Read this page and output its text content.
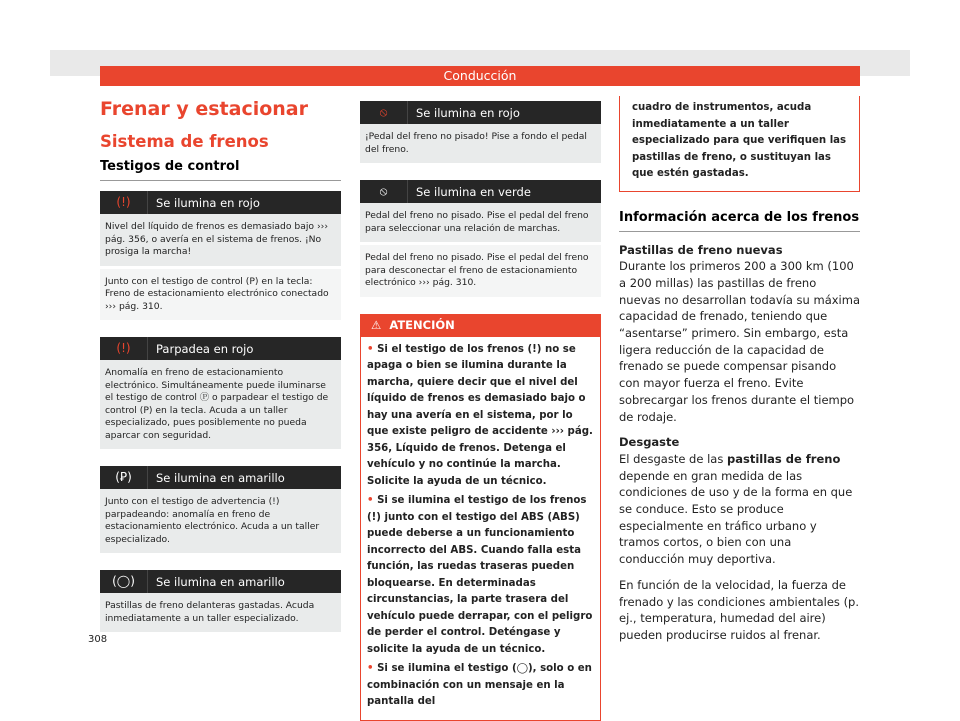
Conducción
Frenar y estacionar
Sistema de frenos
Testigos de control
(!)	Se ilumina en rojo
Nivel del líquido de frenos es demasiado bajo ››› pág. 356, o avería en el sistema de frenos. ¡No prosiga la marcha!
Junto con el testigo de control (P) en la tecla: Freno de estacionamiento electrónico conectado ››› pág. 310.
(!)	Parpadea en rojo
Anomalía en freno de estacionamiento electrónico. Simultáneamente puede iluminarse el testigo de control Ⓟ o parpadear el testigo de control (P) en la tecla. Acuda a un taller especializado, pues posiblemente no pueda aparcar con seguridad.
(Ꝑ)	Se ilumina en amarillo
Junto con el testigo de advertencia (!) parpadeando: anomalía en freno de estacionamiento electrónico. Acuda a un taller especializado.
(◯)	Se ilumina en amarillo
Pastillas de freno delanteras gastadas. Acuda inmediatamente a un taller especializado.
⦸	Se ilumina en rojo
¡Pedal del freno no pisado! Pise a fondo el pedal del freno.
⦸	Se ilumina en verde
Pedal del freno no pisado. Pise el pedal del freno para seleccionar una relación de marchas.
Pedal del freno no pisado. Pise el pedal del freno para desconectar el freno de estacionamiento electrónico ››› pág. 310.
⚠ ATENCIÓN

• Si el testigo de los frenos (!) no se apaga o bien se ilumina durante la marcha, quiere decir que el nivel del líquido de frenos es demasiado bajo o hay una avería en el sistema, por lo que existe peligro de accidente ››› pág. 356, Líquido de frenos. Detenga el vehículo y no continúe la marcha. Solicite la ayuda de un técnico.

• Si se ilumina el testigo de los frenos (!) junto con el testigo del ABS (ABS) puede deberse a un funcionamiento incorrecto del ABS. Cuando falla esta función, las ruedas traseras pueden bloquearse. En determinadas circunstancias, la parte trasera del vehículo puede derrapar, con el peligro de perder el control. Deténgase y solicite la ayuda de un técnico.

• Si se ilumina el testigo (◯), solo o en combinación con un mensaje en la pantalla del

cuadro de instrumentos, acuda inmediatamente a un taller especializado para que verifiquen las pastillas de freno, o sustituyan las que estén gastadas.
Información acerca de los frenos
Pastillas de freno nuevas

Durante los primeros 200 a 300 km (100 a 200 millas) las pastillas de freno nuevas no desarrollan todavía su máxima capacidad de frenado, teniendo que “asentarse” primero. Sin embargo, esta ligera reducción de la capacidad de frenado se puede compensar pisando con mayor fuerza el freno. Evite sobrecargar los frenos durante el tiempo de rodaje.

Desgaste

El desgaste de las pastillas de freno depende en gran medida de las condiciones de uso y de la forma en que se conduce. Esto se produce especialmente en tráfico urbano y tramos cortos, o bien con una conducción muy deportiva.

En función de la velocidad, la fuerza de frenado y las condiciones ambientales (p. ej., temperatura, humedad del aire) pueden producirse ruidos al frenar.

308
